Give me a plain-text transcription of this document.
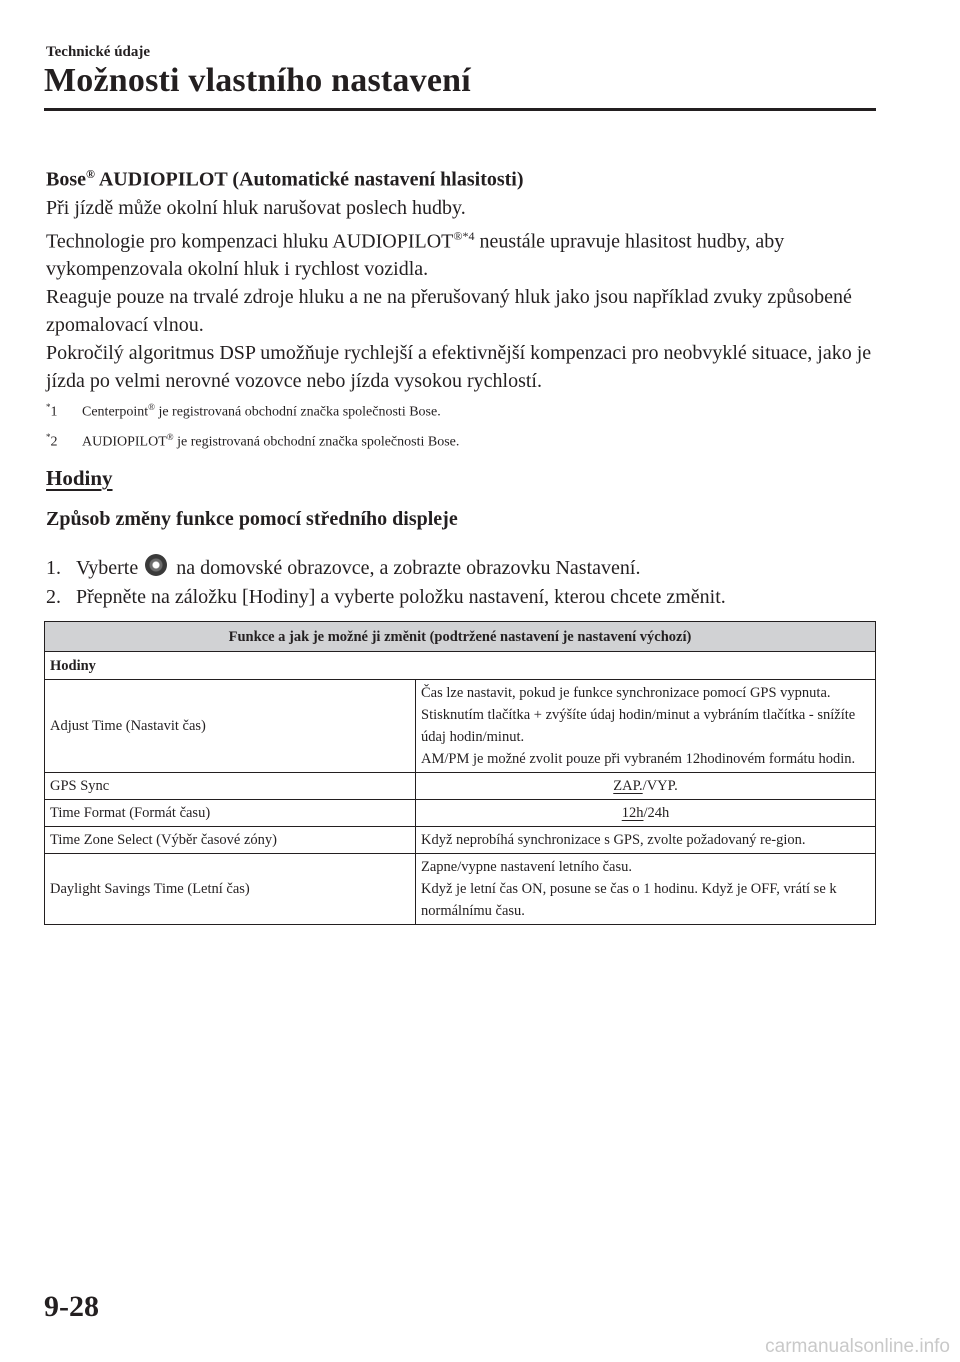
Technické údaje
Možnosti vlastního nastavení
Bose® AUDIOPILOT (Automatické nastavení hlasitosti)

Při jízdě může okolní hluk narušovat poslech hudby.

Technologie pro kompenzaci hluku $AUDIOPILOT^{®*4}$ neustále upravuje hlasitost hudby, aby vykompenzovala okolní hluk i rychlost vozidla.

Reaguje pouze na trvalé zdroje hluku a ne na přerušovaný hluk jako jsou například zvuky způsobené zpomalovací vlnou.

Pokročilý algoritmus DSP umožňuje rychlejší a efektivnější kompenzaci pro neobvyklé situace, jako je jízda po velmi nerovné vozovce nebo jízda vysokou rychlostí.

*1	Centerpoint® je registrovaná obchodní značka společnosti Bose.
*2	AUDIOPILOT® je registrovaná obchodní značka společnosti Bose.
Hodiny
Způsob změny funkce pomocí středního displeje
1. Vyberte na domovské obrazovce, a zobrazte obrazovku Nastavení.
2. Přepněte na záložku [Hodiny] a vyberte položku nastavení, kterou chcete změnit.
Funkce a jak je možné ji změnit (podtržené nastavení je nastavení výchozí)	
Hodiny	
Adjust Time (Nastavit čas)	Čas lze nastavit, pokud je funkce synchronizace pomocí GPS vypnuta.
Stisknutím tlačítka + zvýšíte údaj hodin/minut a vybráním tlačítka - snížíte údaj hodin/minut.
AM/PM je možné zvolit pouze při vybraném 12hodinovém formátu hodin.

GPS Sync	ZAP./VYP.
Time Format (Formát času)	12h/24h
Time Zone Select (Výběr časové zóny)	Když neprobíhá synchronizace s GPS, zvolte požadovaný re-gion.
Daylight Savings Time (Letní čas)	Zapne/vypne nastavení letního času.
Když je letní čas ON, posune se čas o 1 hodinu. Když je OFF, vrátí se k normálnímu času.
9-28
carmanualsonline.info
